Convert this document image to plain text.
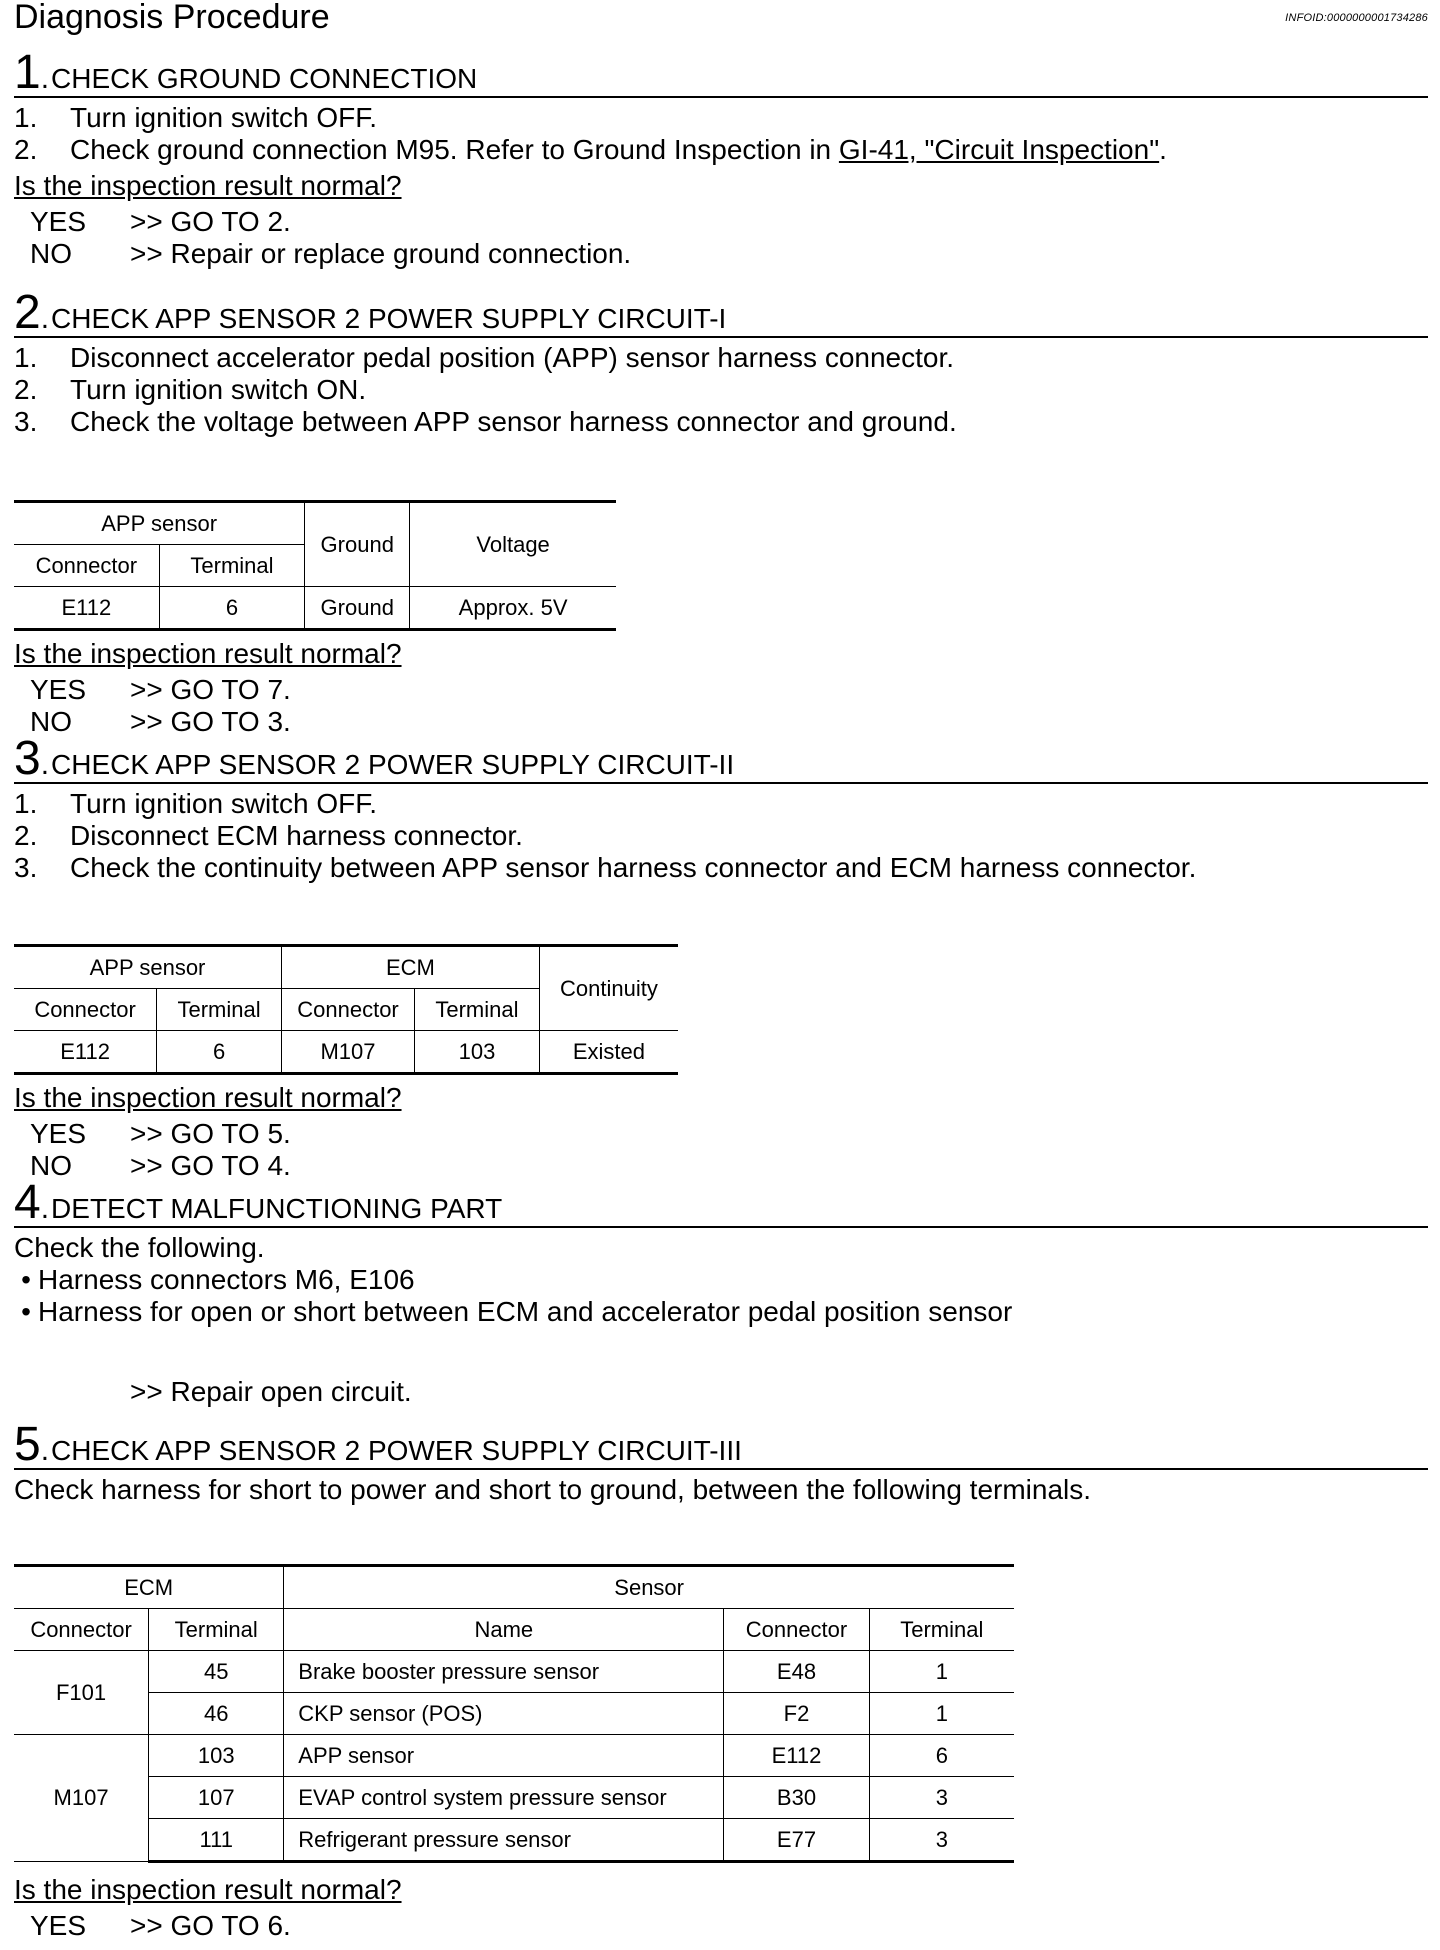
Diagnosis Procedure	INFOID:0000000001734286
1 . CHECK GROUND CONNECTION
1.	Turn ignition switch OFF.
2.	Check ground connection M95. Refer to Ground Inspection in GI-41, "Circuit Inspection".
Is the inspection result normal?
YES	>> GO TO 2.
NO	>> Repair or replace ground connection.
2 . CHECK APP SENSOR 2 POWER SUPPLY CIRCUIT-I
1.	Disconnect accelerator pedal position (APP) sensor harness connector.
2.	Turn ignition switch ON.
3.	Check the voltage between APP sensor harness connector and ground.
APP sensor		Ground	Voltage
Connector	Terminal		
E112	6	Ground	Approx. 5V
Is the inspection result normal?
YES	>> GO TO 7.
NO	>> GO TO 3.
3 . CHECK APP SENSOR 2 POWER SUPPLY CIRCUIT-II
1.	Turn ignition switch OFF.
2.	Disconnect ECM harness connector.
3.	Check the continuity between APP sensor harness connector and ECM harness connector.
APP sensor		ECM		Continuity
Connector	Terminal	Connector	Terminal	
E112	6	M107	103	Existed
Is the inspection result normal?
YES	>> GO TO 5.
NO	>> GO TO 4.
4 . DETECT MALFUNCTIONING PART
Check the following.
• Harness connectors M6, E106
• Harness for open or short between ECM and accelerator pedal position sensor
>> Repair open circuit.
5 . CHECK APP SENSOR 2 POWER SUPPLY CIRCUIT-III
Check harness for short to power and short to ground, between the following terminals.
ECM		Sensor		
Connector	Terminal	Name	Connector	Terminal
F101	45	Brake booster pressure sensor	E48	1
	46	CKP sensor (POS)	F2	1
M107	103	APP sensor	E112	6
	107	EVAP control system pressure sensor	B30	3
	111	Refrigerant pressure sensor	E77	3
Is the inspection result normal?
YES	>> GO TO 6.
